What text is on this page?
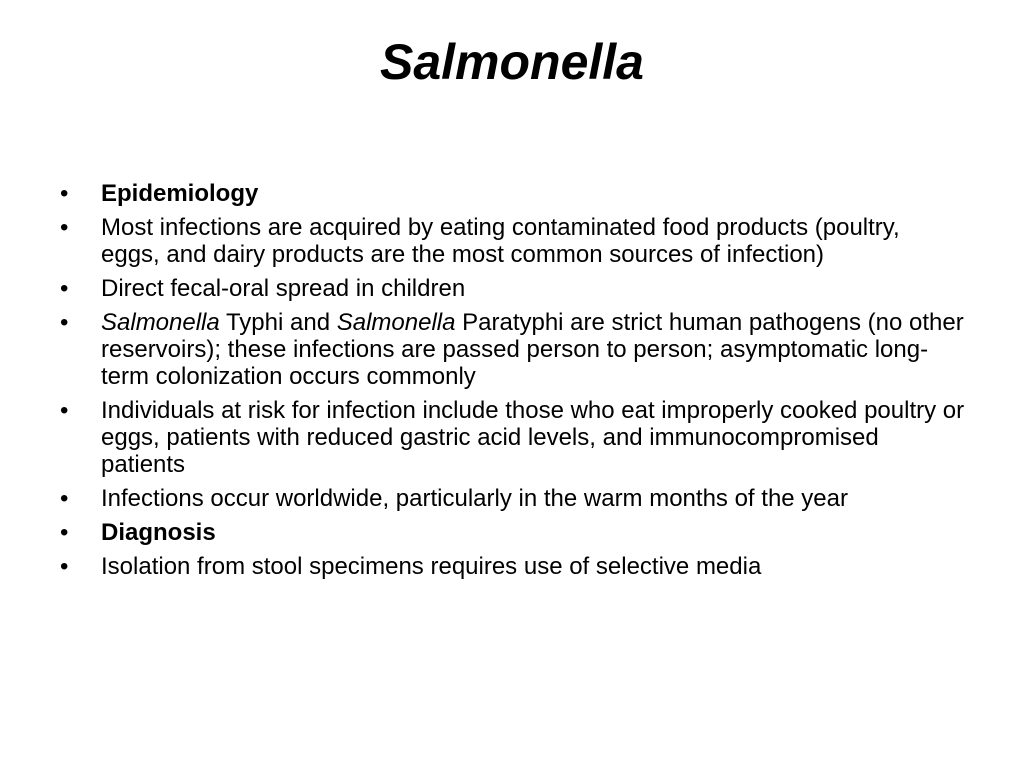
Salmonella
• Epidemiology
• Most infections are acquired by eating contaminated food products (poultry, eggs, and dairy products are the most common sources of infection)
• Direct fecal-oral spread in children
• Salmonella Typhi and Salmonella Paratyphi are strict human pathogens (no other reservoirs); these infections are passed person to person; asymptomatic long-term colonization occurs commonly
• Individuals at risk for infection include those who eat improperly cooked poultry or eggs, patients with reduced gastric acid levels, and immunocompromised patients
• Infections occur worldwide, particularly in the warm months of the year
• Diagnosis
• Isolation from stool specimens requires use of selective media
